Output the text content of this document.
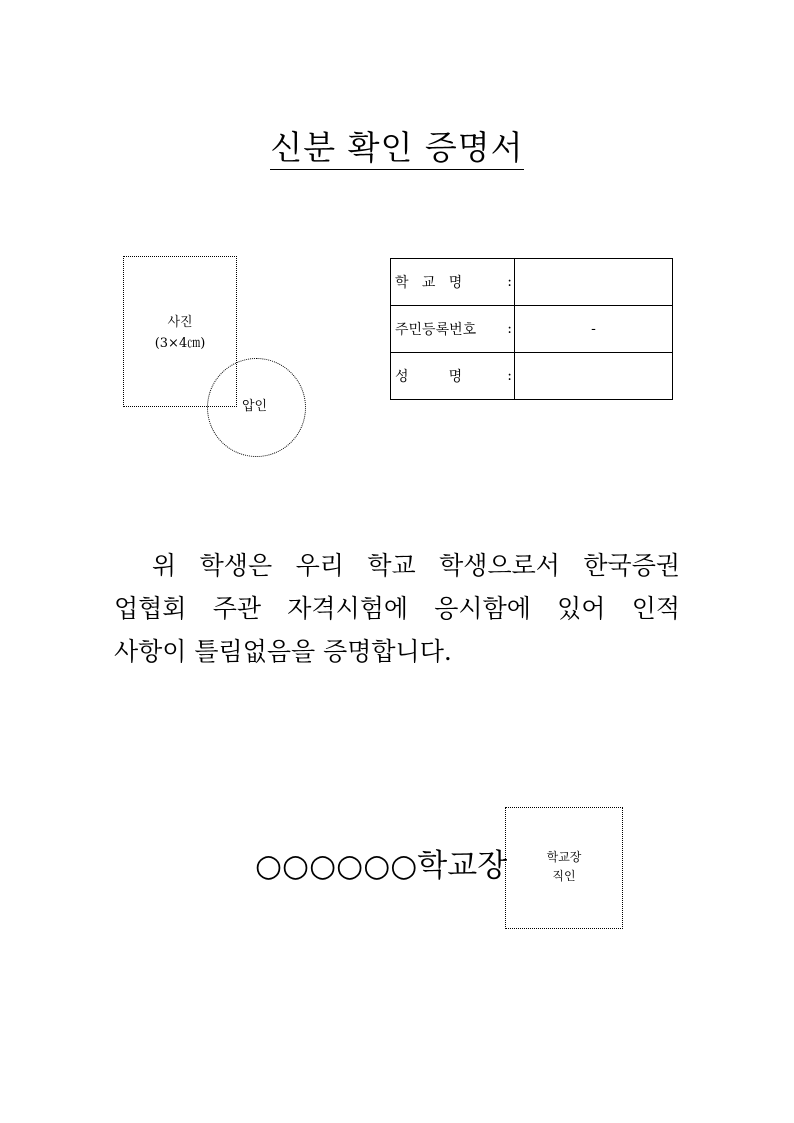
신분 확인 증명서
사진
(3×4㎝)
압인
학   교   명 :	

주민등록번호 :	-

성         명 :	

위 학생은 우리 학교 학생으로서 한국증권
업협회 주관 자격시험에 응시함에 있어 인적
사항이 틀림없음을 증명합니다.
○○○○○○학교장	학교장
직인
